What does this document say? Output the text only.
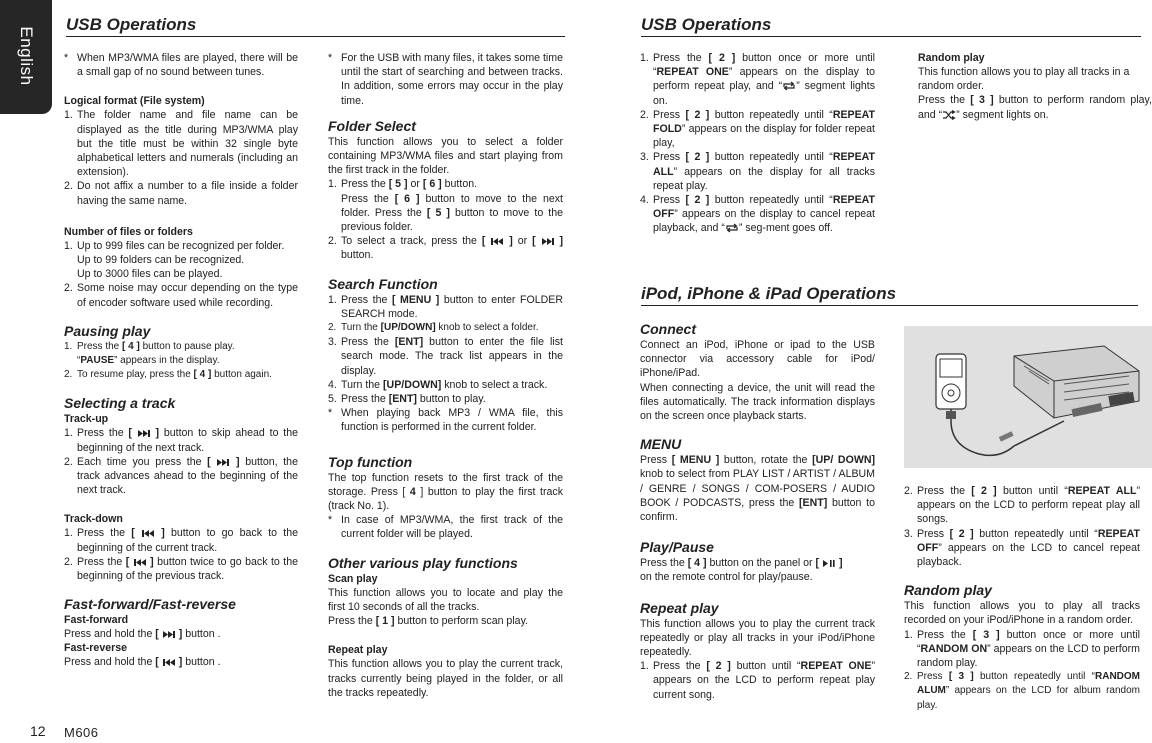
English
USB Operations	USB Operations
iPod, iPhone & iPad Operations

* When MP3/WMA files are played, there will be a small gap of no sound between tunes.

Logical format (File system)

1. The folder name and file name can be displayed as the title during MP3/WMA play but the title must be within 32 single byte alphabetical letters and numerals (including an extension).
2. Do not affix a number to a file inside a folder having the same name.

Number of files or folders

1. Up to 999 files can be recognized per folder.
Up to 99 folders can be recognized.
Up to 3000 files can be played.
2. Some noise may occur depending on the type of encoder software used while recording.

Pausing play

1. Press the [ 4 ] button to pause play.
“PAUSE” appears in the display.
2. To resume play, press the [ 4 ] button again.

Selecting a track

Track-up

1. Press the [  ] button to skip ahead to the beginning of the next track.
2. Each time you press the [  ] button, the track advances ahead to the beginning of the next track.

Track-down

1. Press the [  ] button to go back to the beginning of the current track.
2. Press the [  ] button twice to go back to the beginning of the previous track.

Fast-forward/Fast-reverse

Fast-forward

Press and hold the [  ] button .

Fast-reverse

Press and hold the [  ] button .

* For the USB with many files, it takes some time until the start of searching and between tracks. In addition, some errors may occur in the play time.

Folder Select

This function allows you to select a folder containing MP3/WMA files and start playing from the first track in the folder.

1. Press the [ 5 ] or [ 6 ] button.
Press the [ 6 ] button to move to the next folder. Press the [ 5 ] button to move to the previous folder.
2. To select a track, press the [  ] or [  ] button.

Search Function

1. Press the [ MENU ] button to enter FOLDER SEARCH mode.
2. Turn the [UP/DOWN] knob to select a folder.
3. Press the [ENT] button to enter the file list search mode. The track list appears in the display.
4. Turn the [UP/DOWN] knob to select a track.
5. Press the [ENT] button to play.

* When playing back MP3 / WMA file, this function is performed in the current folder.

Top function

The top function resets to the first track of the storage. Press [ 4 ] button to play the first track (track No. 1).

* In case of MP3/WMA, the first track of the current folder will be played.

Other various play functions

Scan play

This function allows you to locate and play the first 10 seconds of all the tracks.

Press the [ 1 ] button to perform scan play.

Repeat play

This function allows you to play the current track, tracks currently being played in the folder, or all the tracks repeatedly.

1. Press the [ 2 ] button once or more until “REPEAT ONE” appears on the display to perform repeat play, and “ ” segment lights on.
2. Press [ 2 ] button repeatedly until “REPEAT FOLD” appears on the display for folder repeat play,
3. Press [ 2 ] button repeatedly until “REPEAT ALL” appears on the display for all tracks repeat play.
4. Press [ 2 ] button repeatedly until “REPEAT OFF” appears on the display to cancel repeat playback, and “ ” seg-ment goes off.

Connect

Connect an iPod, iPhone or ipad to the USB connector via accessory cable for iPod/ iPhone/iPad.

When connecting a device, the unit will read the files automatically. The track information displays on the screen once playback starts.

MENU

Press [ MENU ] button, rotate the [UP/ DOWN] knob to select from PLAY LIST / ARTIST / ALBUM / GENRE / SONGS / COM-POSERS / AUDIO BOOK / PODCASTS, press the [ENT] button to confirm.

Play/Pause

Press the [ 4 ] button on the panel or [  ]
on the remote control for play/pause.

Repeat play

This function allows you to play the current track repeatedly or play all tracks in your iPod/iPhone repeatedly.

1. Press the [ 2 ] button until “REPEAT ONE” appears on the LCD to perform repeat play current song.

Random play

This function allows you to play all tracks in a random order.

Press the [ 3 ] button to perform random play, and “ ” segment lights on.

2. Press the [ 2 ] button until “REPEAT ALL” appears on the LCD to perform repeat play all songs.
3. Press [ 2 ] button repeatedly until “REPEAT OFF” appears on the LCD to cancel repeat playback.

Random play

This function allows you to play all tracks recorded on your iPod/iPhone in a random order.

1. Press the [ 3 ] button once or more until “RANDOM ON” appears on the LCD to perform random play.
2. Press [ 3 ] button repeatedly until “RANDOM ALUM” appears on the LCD for album random play.
12 M606
